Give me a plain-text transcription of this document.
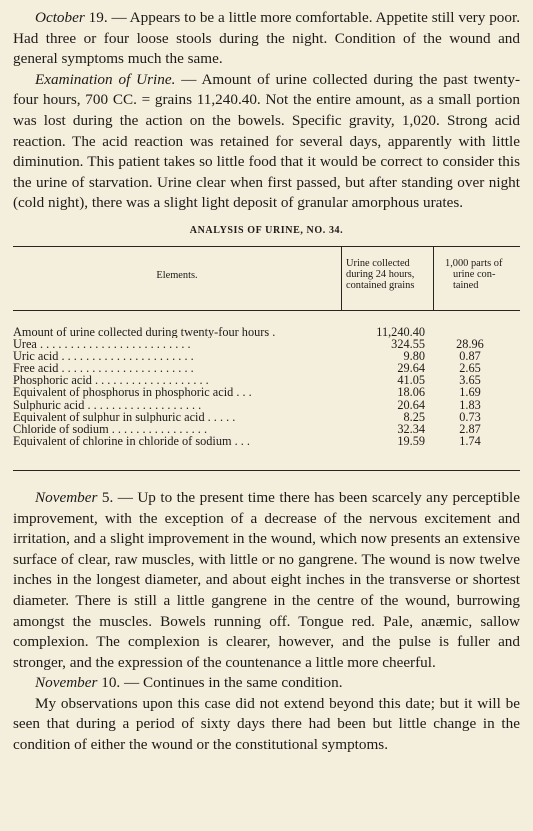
October 19. — Appears to be a little more comfortable. Appetite still very poor. Had three or four loose stools during the night. Condition of the wound and general symptoms much the same.

Examination of Urine. — Amount of urine collected during the past twenty-four hours, 700 CC. = grains 11,240.40. Not the entire amount, as a small portion was lost during the action on the bowels. Specific gravity, 1,020. Strong acid reaction. The acid reaction was retained for several days, apparently with little diminution. This patient takes so little food that it would be correct to consider this the urine of starvation. Urine clear when first passed, but after standing over night (cold night), there was a slight light deposit of granular amorphous urates.

ANALYSIS OF URINE, NO. 34.
Elements.
Urine collected
during 24 hours,
contained grains
1,000 parts of
urine con-
tained
Amount of urine collected during twenty-four hours .	11,240.40
Urea . . . . . . . . . . . . . . . . . . . . . . . . .	324.55	28.96
Uric acid . . . . . . . . . . . . . . . . . . . . . .	9.80	0.87
Free acid . . . . . . . . . . . . . . . . . . . . . .	29.64	2.65
Phosphoric acid . . . . . . . . . . . . . . . . . . .	41.05	3.65
Equivalent of phosphorus in phosphoric acid . . .	18.06	1.69
Sulphuric acid . . . . . . . . . . . . . . . . . . .	20.64	1.83
Equivalent of sulphur in sulphuric acid . . . . .	8.25	0.73
Chloride of sodium . . . . . . . . . . . . . . . .	32.34	2.87
Equivalent of chlorine in chloride of sodium . . .	19.59	1.74

November 5. — Up to the present time there has been scarcely any perceptible improvement, with the exception of a decrease of the nervous excitement and irritation, and a slight improvement in the wound, which now presents an extensive surface of clear, raw muscles, with little or no gangrene. The wound is now twelve inches in the longest diameter, and about eight inches in the transverse or shortest diameter. There is still a little gangrene in the centre of the wound, burrowing amongst the muscles. Bowels running off. Tongue red. Pale, anæmic, sallow complexion. The complexion is clearer, however, and the pulse is fuller and stronger, and the expression of the countenance a little more cheerful.

November 10. — Continues in the same condition.

My observations upon this case did not extend beyond this date; but it will be seen that during a period of sixty days there had been but little change in the condition of either the wound or the constitutional symptoms.
